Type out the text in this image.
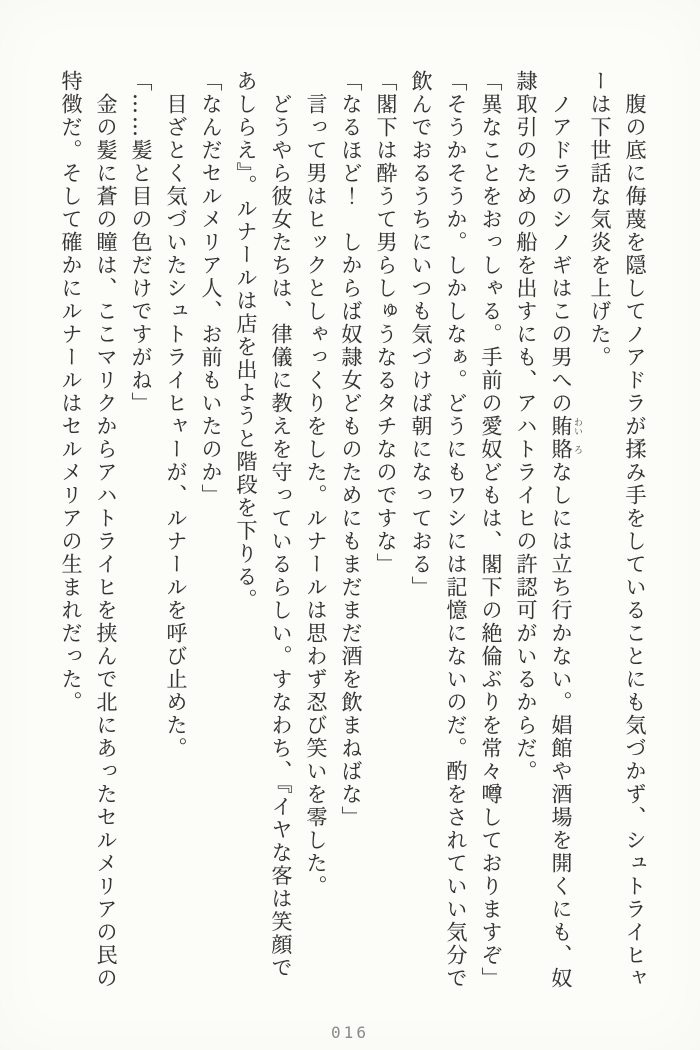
　腹の底に侮蔑を隠してノアドラが揉み手をしていることにも気づかず、シュトライヒャ
ーは下世話な気炎を上げた。
　ノアドラのシノギはこの男への賄 わい賂 ろなしには立ち行かない。娼館や酒場を開くにも、奴
隷取引のための船を出すにも、アハトライヒの許認可がいるからだ。
「異なことをおっしゃる。手前の愛奴どもは、閣下の絶倫ぶりを常々噂しておりますぞ」
「そうかそうか。しかしなぁ。どうにもワシには記憶にないのだ。酌をされていい気分で
飲んでおるうちにいつも気づけば朝になっておる」
「閣下は酔うて男らしゅうなるタチなのですな」
「なるほど！　しからば奴隷女どものためにもまだまだ酒を飲まねばな」
　言って男はヒックとしゃっくりをした。ルナールは思わず忍び笑いを零した。
　どうやら彼女たちは、律儀に教えを守っているらしい。すなわち、『イヤな客は笑顔で
あしらえ』。ルナールは店を出ようと階段を下りる。
「なんだセルメリア人、お前もいたのか」
　目ざとく気づいたシュトライヒャーが、ルナールを呼び止めた。
「……髪と目の色だけですがね」
　金の髪に蒼の瞳は、ここマリクからアハトライヒを挟んで北にあったセルメリアの民の
特徴だ。そして確かにルナールはセルメリアの生まれだった。
016
